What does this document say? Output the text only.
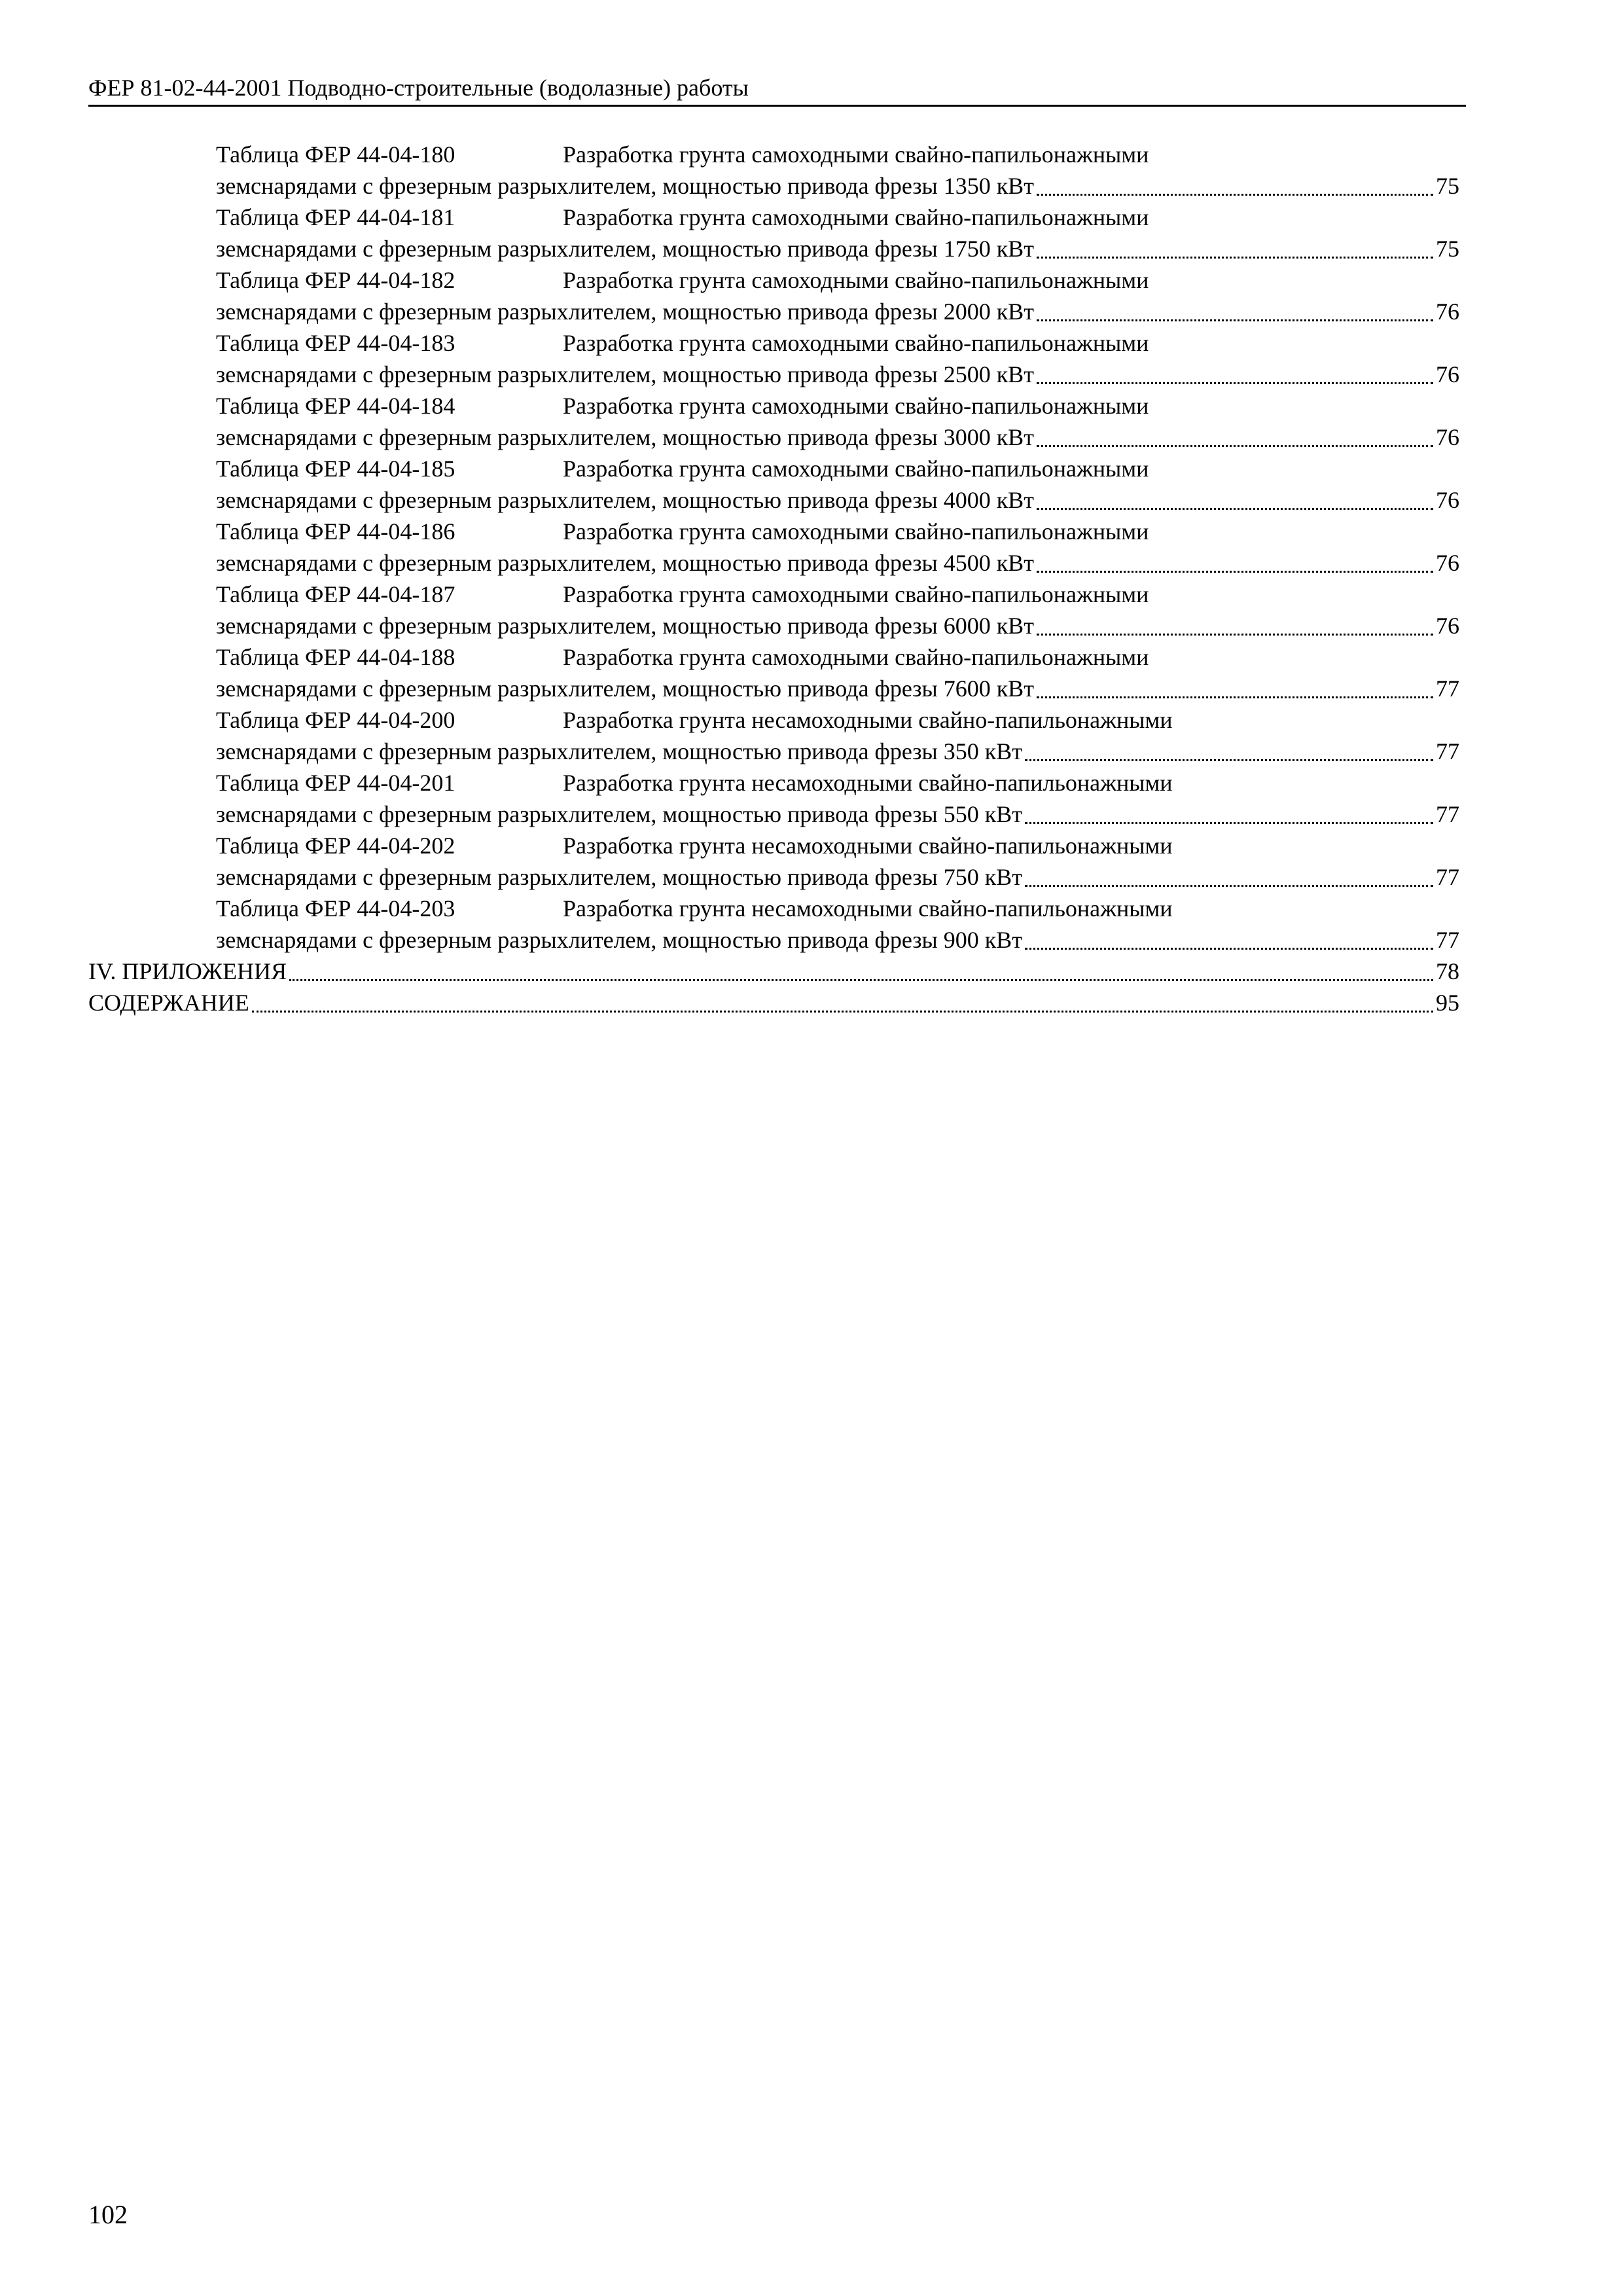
ФЕР 81-02-44-2001 Подводно-строительные (водолазные) работы
Таблица ФЕР 44-04-180	Разработка грунта самоходными свайно-папильонажными
земснарядами с фрезерным разрыхлителем, мощностью привода фрезы 1350 кВт	75
Таблица ФЕР 44-04-181	Разработка грунта самоходными свайно-папильонажными
земснарядами с фрезерным разрыхлителем, мощностью привода фрезы 1750 кВт	75
Таблица ФЕР 44-04-182	Разработка грунта самоходными свайно-папильонажными
земснарядами с фрезерным разрыхлителем, мощностью привода фрезы 2000 кВт	76
Таблица ФЕР 44-04-183	Разработка грунта самоходными свайно-папильонажными
земснарядами с фрезерным разрыхлителем, мощностью привода фрезы 2500 кВт	76
Таблица ФЕР 44-04-184	Разработка грунта самоходными свайно-папильонажными
земснарядами с фрезерным разрыхлителем, мощностью привода фрезы 3000 кВт	76
Таблица ФЕР 44-04-185	Разработка грунта самоходными свайно-папильонажными
земснарядами с фрезерным разрыхлителем, мощностью привода фрезы 4000 кВт	76
Таблица ФЕР 44-04-186	Разработка грунта самоходными свайно-папильонажными
земснарядами с фрезерным разрыхлителем, мощностью привода фрезы 4500 кВт	76
Таблица ФЕР 44-04-187	Разработка грунта самоходными свайно-папильонажными
земснарядами с фрезерным разрыхлителем, мощностью привода фрезы 6000 кВт	76
Таблица ФЕР 44-04-188	Разработка грунта самоходными свайно-папильонажными
земснарядами с фрезерным разрыхлителем, мощностью привода фрезы 7600 кВт	77
Таблица ФЕР 44-04-200	Разработка грунта несамоходными свайно-папильонажными
земснарядами с фрезерным разрыхлителем, мощностью привода фрезы 350 кВт	77
Таблица ФЕР 44-04-201	Разработка грунта несамоходными свайно-папильонажными
земснарядами с фрезерным разрыхлителем, мощностью привода фрезы 550 кВт	77
Таблица ФЕР 44-04-202	Разработка грунта несамоходными свайно-папильонажными
земснарядами с фрезерным разрыхлителем, мощностью привода фрезы 750 кВт	77
Таблица ФЕР 44-04-203	Разработка грунта несамоходными свайно-папильонажными
земснарядами с фрезерным разрыхлителем, мощностью привода фрезы 900 кВт	77
IV. ПРИЛОЖЕНИЯ	78
СОДЕРЖАНИЕ	95
102
